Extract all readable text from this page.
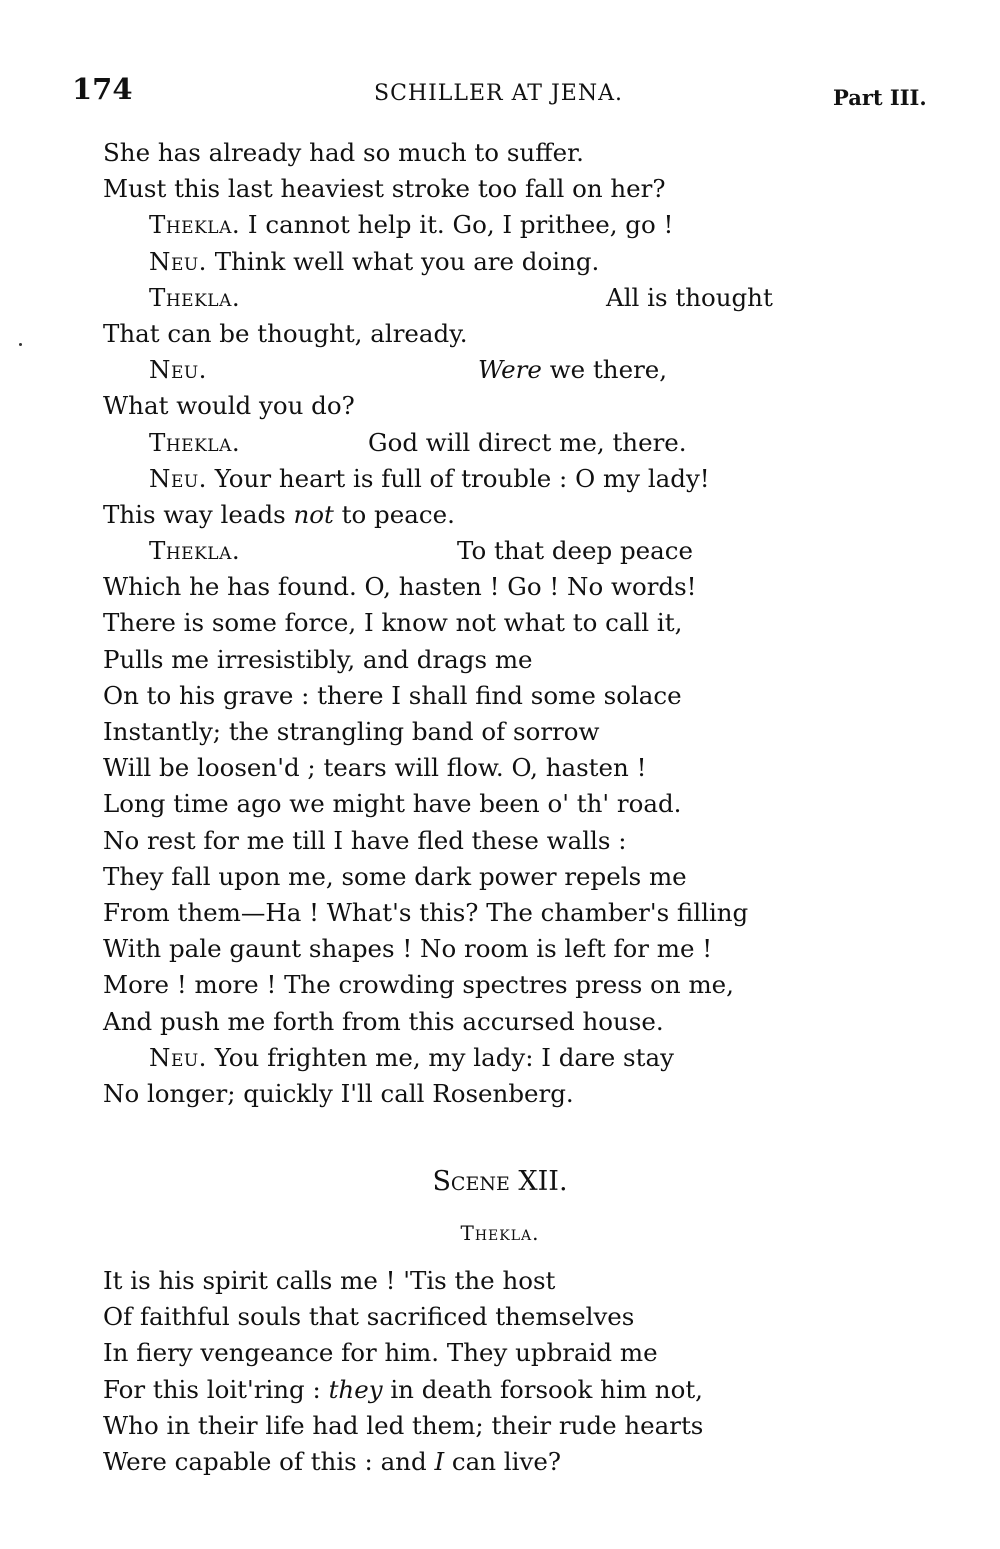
174	SCHILLER AT JENA.	Part III.
She has already had so much to suffer.
Must this last heaviest stroke too fall on her?
Thekla. I cannot help it. Go, I prithee, go !
Neu. Think well what you are doing.
Thekla.	All is thought
That can be thought, already.
Neu.	Were we there,
What would you do?
Thekla.	God will direct me, there.
Neu. Your heart is full of trouble : O my lady!
This way leads not to peace.
Thekla.	To that deep peace
Which he has found. O, hasten ! Go ! No words!
There is some force, I know not what to call it,
Pulls me irresistibly, and drags me
On to his grave : there I shall find some solace
Instantly; the strangling band of sorrow
Will be loosen'd ; tears will flow. O, hasten !
Long time ago we might have been o' th' road.
No rest for me till I have fled these walls :
They fall upon me, some dark power repels me
From them—Ha ! What's this? The chamber's filling
With pale gaunt shapes ! No room is left for me !
More ! more ! The crowding spectres press on me,
And push me forth from this accursed house.
Neu. You frighten me, my lady: I dare stay
No longer; quickly I'll call Rosenberg.
Scene XII.
Thekla.
It is his spirit calls me ! 'Tis the host
Of faithful souls that sacrificed themselves
In fiery vengeance for him. They upbraid me
For this loit'ring : they in death forsook him not,
Who in their life had led them; their rude hearts
Were capable of this : and I can live?
